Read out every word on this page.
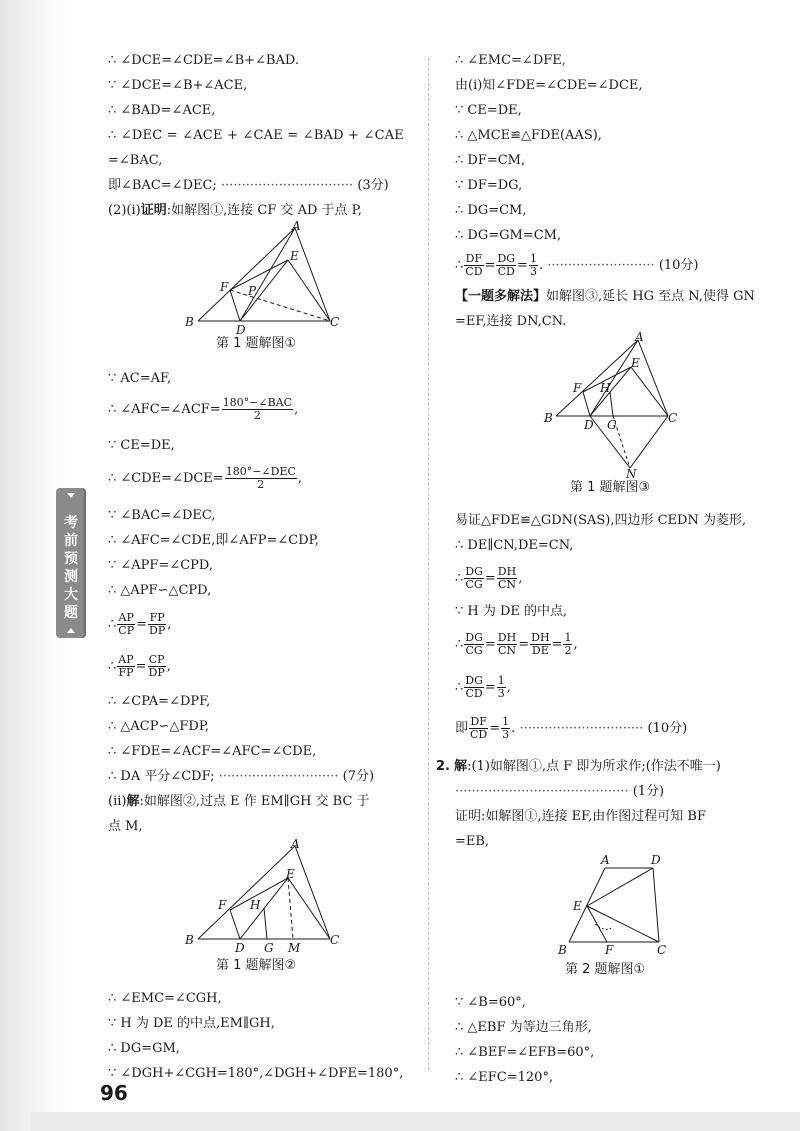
考
前
预
测
大
题
∴ ∠DCE=∠CDE=∠B+∠BAD.
∵ ∠DCE=∠B+∠ACE,
∴ ∠BAD=∠ACE,
∴ ∠DEC = ∠ACE + ∠CAE = ∠BAD + ∠CAE
=∠BAC,
即∠BAC=∠DEC; ································ (3分)
(2)(i)证明:如解图①,连接 CF 交 AD 于点 P,
A
E
F P
B
D
C
第 1 题解图①
∵ AC=AF,
∴ ∠AFC=∠ACF= $\frac{\text{180°−∠BAC}}{2}$ ,
∵ CE=DE,
∴ ∠CDE=∠DCE= $\frac{\text{180°−∠DEC}}{2}$ ,
∵ ∠BAC=∠DEC,
∴ ∠AFC=∠CDE,即∠AFP=∠CDP,
∵ ∠APF=∠CPD,
∴ △APF∽△CPD,
∴ $\frac{AP}{CP} = \frac{FP}{DP}$ ,
∴ $\frac{AP}{FP} = \frac{CP}{DP}$ ,
∴ ∠CPA=∠DPF,
∴ △ACP∽△FDP,
∴ ∠FDE=∠ACF=∠AFC=∠CDE,
∴ DA 平分∠CDF; ····························· (7分)
(ii)解:如解图②,过点 E 作 EM∥GH 交 BC 于
点 M,
A
E
F H
B
D G M
C
第 1 题解图②
∴ ∠EMC=∠CGH,
∵ H 为 DE 的中点,EM∥GH,
∴ DG=GM,
∵ ∠DGH+∠CGH=180°,∠DGH+∠DFE=180°,
∴ ∠EMC=∠DFE,
由(i)知∠FDE=∠CDE=∠DCE,
∵ CE=DE,
∴ △MCE≌△FDE(AAS),
∴ DF=CM,
∵ DF=DG,
∴ DG=CM,
∴ DG=GM=CM,
∴ $\frac{DF}{CD} = \frac{DG}{CD} = \frac{1}{3}$ . ·························· (10分)
【一题多解法】如解图③,延长 HG 至点 N,使得 GN
=EF,连接 DN,CN.
A
E
F H
B	D G	C
N
第 1 题解图③
易证△FDE≌△GDN(SAS),四边形 CEDN 为菱形,
∴ DE∥CN,DE=CN,
∴ $\frac{DG}{CG} = \frac{DH}{CN}$ ,
∵ H 为 DE 的中点,
∴ $\frac{DG}{CG} = \frac{DH}{CN} = \frac{DH}{DE} = \frac{1}{2}$ ,
∴ $\frac{DG}{CD} = \frac{1}{3}$ ,
即 $\frac{DF}{CD} = \frac{1}{3}$ . ······························ (10分)
2. 解:(1)如解图①,点 F 即为所求作;(作法不唯一)
·········································· (1分)
证明:如解图①,连接 EF,由作图过程可知 BF
=EB,
A	D
E
B	F	C
第 2 题解图①
∵ ∠B=60°,
∴ △EBF 为等边三角形,
∴ ∠BEF=∠EFB=60°,
∴ ∠EFC=120°,
96
